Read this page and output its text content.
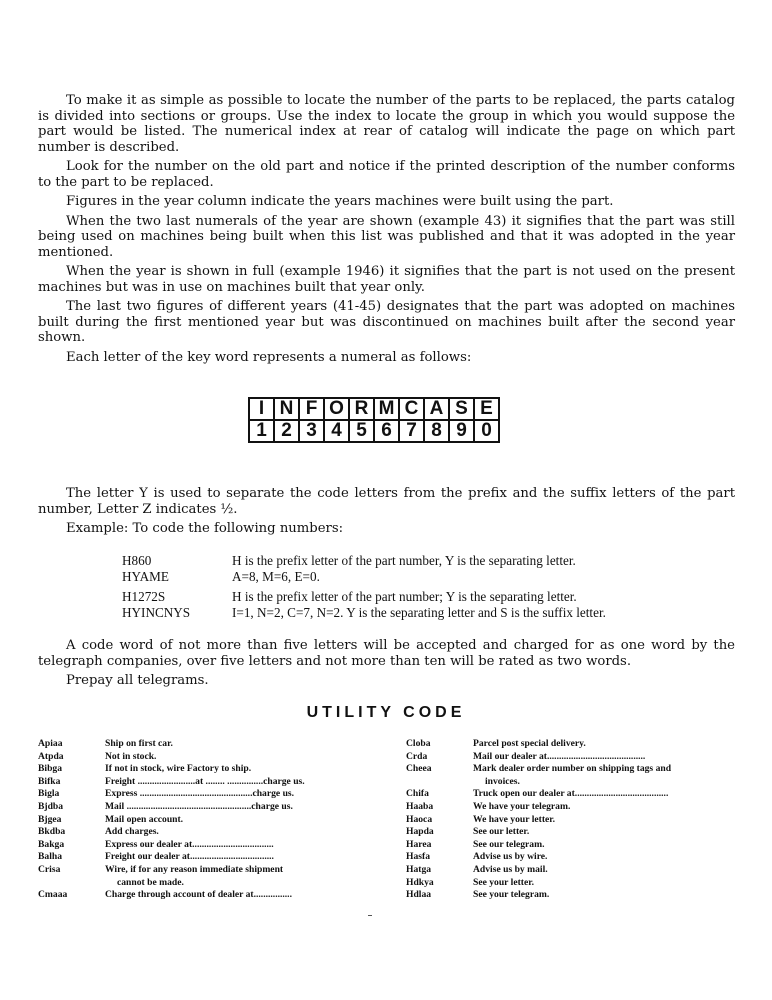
To make it as simple as possible to locate the number of the parts to be replaced, the parts catalog is divided into sections or groups. Use the index to locate the group in which you would suppose the part would be listed. The numerical index at rear of catalog will indicate the page on which part number is described.

Look for the number on the old part and notice if the printed description of the number conforms to the part to be replaced.

Figures in the year column indicate the years machines were built using the part.

When the two last numerals of the year are shown (example 43) it signifies that the part was still being used on machines being built when this list was published and that it was adopted in the year mentioned.

When the year is shown in full (example 1946) it signifies that the part is not used on the present machines but was in use on machines built that year only.

The last two figures of different years (41-45) designates that the part was adopted on machines built during the first mentioned year but was discontinued on machines built after the second year shown.

Each letter of the key word represents a numeral as follows:

I	N	F	O	R	M	C	A	S	E
1	2	3	4	5	6	7	8	9	0

The letter Y is used to separate the code letters from the prefix and the suffix letters of the part number, Letter Z indicates ½.

Example: To code the following numbers:

H860	H is the prefix letter of the part number, Y is the separating letter.
HYAME	A=8, M=6, E=0.
H1272S	H is the prefix letter of the part number; Y is the separating letter.
HYINCNYS	I=1, N=2, C=7, N=2. Y is the separating letter and S is the suffix letter.

A code word of not more than five letters will be accepted and charged for as one word by the telegraph companies, over five letters and not more than ten will be rated as two words.

Prepay all telegrams.

UTILITY CODE
Apiaa	Ship on first car.
Atpda	Not in stock.
Bibga	If not in stock, wire Factory to ship.
Bifka	Freight ........................at ........ ...............charge us.
Bigla	Express ...............................................charge us.
Bjdba	Mail ....................................................charge us.
Bjgea	Mail open account.
Bkdba	Add charges.
Bakga	Express our dealer at..................................
Balha	Freight our dealer at...................................
Crisa	Wire, if for any reason immediate shipment
cannot be made.
Cmaaa	Charge through account of dealer at................
Cloba	Parcel post special delivery.
Crda	Mail our dealer at.........................................
Cheea	Mark dealer order number on shipping tags and
invoices.
Chifa	Truck open our dealer at.......................................
Haaba	We have your telegram.
Haoca	We have your letter.
Hapda	See our letter.
Harea	See our telegram.
Hasfa	Advise us by wire.
Hatga	Advise us by mail.
Hdkya	See your letter.
Hdlaa	See your telegram.
